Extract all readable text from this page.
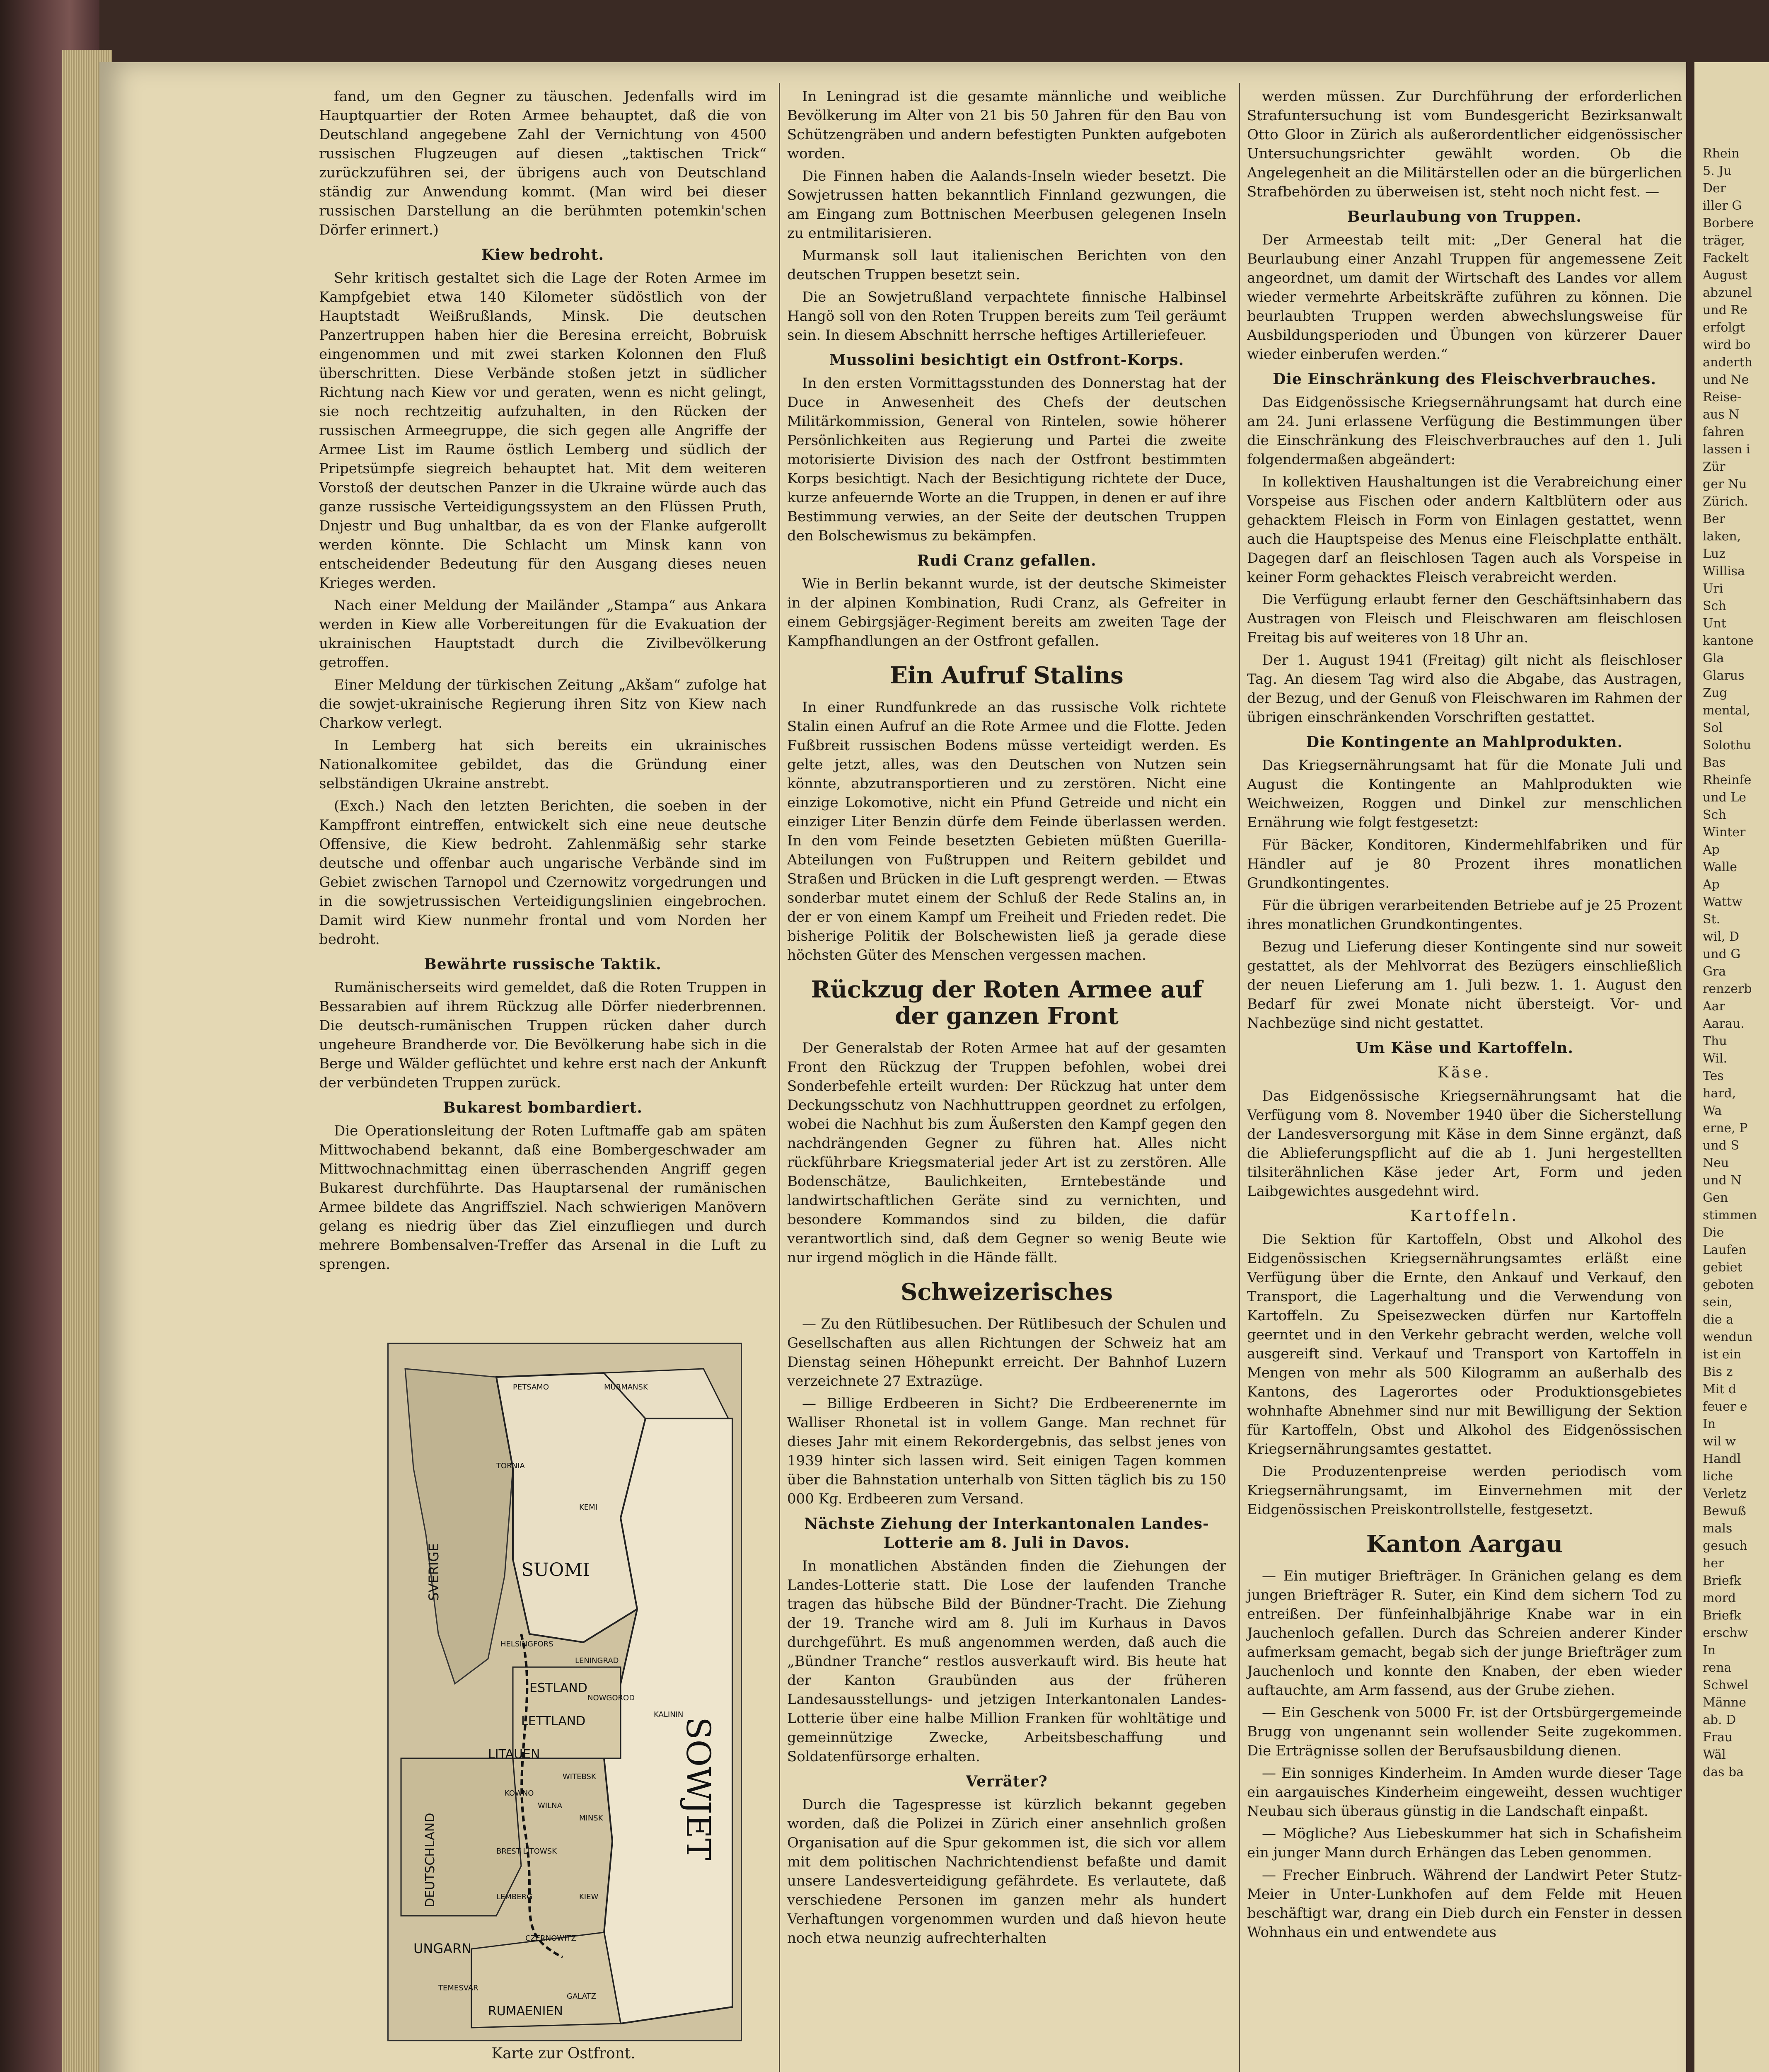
fand, um den Gegner zu täuschen. Jedenfalls wird im Hauptquartier der Roten Armee behauptet, daß die von Deutschland angegebene Zahl der Vernichtung von 4500 russischen Flugzeugen auf diesen „taktischen Trick“ zurückzuführen sei, der übrigens auch von Deutschland ständig zur Anwendung kommt. (Man wird bei dieser russischen Darstellung an die berühmten potemkin'schen Dörfer erinnert.)

Kiew bedroht.

Sehr kritisch gestaltet sich die Lage der Roten Armee im Kampfgebiet etwa 140 Kilometer südöstlich von der Hauptstadt Weißrußlands, Minsk. Die deutschen Panzertruppen haben hier die Beresina erreicht, Bobruisk eingenommen und mit zwei starken Kolonnen den Fluß überschritten. Diese Verbände stoßen jetzt in südlicher Richtung nach Kiew vor und geraten, wenn es nicht gelingt, sie noch rechtzeitig aufzuhalten, in den Rücken der russischen Armeegruppe, die sich gegen alle Angriffe der Armee List im Raume östlich Lemberg und südlich der Pripetsümpfe siegreich behauptet hat. Mit dem weiteren Vorstoß der deutschen Panzer in die Ukraine würde auch das ganze russische Verteidigungssystem an den Flüssen Pruth, Dnjestr und Bug unhaltbar, da es von der Flanke aufgerollt werden könnte. Die Schlacht um Minsk kann von entscheidender Bedeutung für den Ausgang dieses neuen Krieges werden.

Nach einer Meldung der Mailänder „Stampa“ aus Ankara werden in Kiew alle Vorbereitungen für die Evakuation der ukrainischen Hauptstadt durch die Zivilbevölkerung getroffen.

Einer Meldung der türkischen Zeitung „Akšam“ zufolge hat die sowjet-ukrainische Regierung ihren Sitz von Kiew nach Charkow verlegt.

In Lemberg hat sich bereits ein ukrainisches Nationalkomitee gebildet, das die Gründung einer selbständigen Ukraine anstrebt.

(Exch.) Nach den letzten Berichten, die soeben in der Kampffront eintreffen, entwickelt sich eine neue deutsche Offensive, die Kiew bedroht. Zahlenmäßig sehr starke deutsche und offenbar auch ungarische Verbände sind im Gebiet zwischen Tarnopol und Czernowitz vorgedrungen und in die sowjetrussischen Verteidigungslinien eingebrochen. Damit wird Kiew nunmehr frontal und vom Norden her bedroht.

Bewährte russische Taktik.

Rumänischerseits wird gemeldet, daß die Roten Truppen in Bessarabien auf ihrem Rückzug alle Dörfer niederbrennen. Die deutsch-rumänischen Truppen rücken daher durch ungeheure Brandherde vor. Die Bevölkerung habe sich in die Berge und Wälder geflüchtet und kehre erst nach der Ankunft der verbündeten Truppen zurück.

Bukarest bombardiert.

Die Operationsleitung der Roten Luftmaffe gab am späten Mittwochabend bekannt, daß eine Bombergeschwader am Mittwochnachmittag einen überraschenden Angriff gegen Bukarest durchführte. Das Hauptarsenal der rumänischen Armee bildete das Angriffsziel. Nach schwierigen Manövern gelang es niedrig über das Ziel einzufliegen und durch mehrere Bombensalven-Treffer das Arsenal in die Luft zu sprengen.

In Leningrad ist die gesamte männliche und weibliche Bevölkerung im Alter von 21 bis 50 Jahren für den Bau von Schützengräben und andern befestigten Punkten aufgeboten worden.

Die Finnen haben die Aalands-Inseln wieder besetzt. Die Sowjetrussen hatten bekanntlich Finnland gezwungen, die am Eingang zum Bottnischen Meerbusen gelegenen Inseln zu entmilitarisieren.

Murmansk soll laut italienischen Berichten von den deutschen Truppen besetzt sein.

Die an Sowjetrußland verpachtete finnische Halbinsel Hangö soll von den Roten Truppen bereits zum Teil geräumt sein. In diesem Abschnitt herrsche heftiges Artilleriefeuer.

Mussolini besichtigt ein Ostfront-Korps.

In den ersten Vormittagsstunden des Donnerstag hat der Duce in Anwesenheit des Chefs der deutschen Militärkommission, General von Rintelen, sowie höherer Persönlichkeiten aus Regierung und Partei die zweite motorisierte Division des nach der Ostfront bestimmten Korps besichtigt. Nach der Besichtigung richtete der Duce, kurze anfeuernde Worte an die Truppen, in denen er auf ihre Bestimmung verwies, an der Seite der deutschen Truppen den Bolschewismus zu bekämpfen.

Rudi Cranz gefallen.

Wie in Berlin bekannt wurde, ist der deutsche Skimeister in der alpinen Kombination, Rudi Cranz, als Gefreiter in einem Gebirgsjäger-Regiment bereits am zweiten Tage der Kampfhandlungen an der Ostfront gefallen.

Ein Aufruf Stalins

In einer Rundfunkrede an das russische Volk richtete Stalin einen Aufruf an die Rote Armee und die Flotte. Jeden Fußbreit russischen Bodens müsse verteidigt werden. Es gelte jetzt, alles, was den Deutschen von Nutzen sein könnte, abzutransportieren und zu zerstören. Nicht eine einzige Lokomotive, nicht ein Pfund Getreide und nicht ein einziger Liter Benzin dürfe dem Feinde überlassen werden. In den vom Feinde besetzten Gebieten müßten Guerilla-Abteilungen von Fußtruppen und Reitern gebildet und Straßen und Brücken in die Luft gesprengt werden. — Etwas sonderbar mutet einem der Schluß der Rede Stalins an, in der er von einem Kampf um Freiheit und Frieden redet. Die bisherige Politik der Bolschewisten ließ ja gerade diese höchsten Güter des Menschen vergessen machen.

Rückzug der Roten Armee auf der ganzen Front

Der Generalstab der Roten Armee hat auf der gesamten Front den Rückzug der Truppen befohlen, wobei drei Sonderbefehle erteilt wurden: Der Rückzug hat unter dem Deckungsschutz von Nachhuttruppen geordnet zu erfolgen, wobei die Nachhut bis zum Äußersten den Kampf gegen den nachdrängenden Gegner zu führen hat. Alles nicht rückführbare Kriegsmaterial jeder Art ist zu zerstören. Alle Bodenschätze, Baulichkeiten, Erntebestände und landwirtschaftlichen Geräte sind zu vernichten, und besondere Kommandos sind zu bilden, die dafür verantwortlich sind, daß dem Gegner so wenig Beute wie nur irgend möglich in die Hände fällt.

Schweizerisches

— Zu den Rütlibesuchen. Der Rütlibesuch der Schulen und Gesellschaften aus allen Richtungen der Schweiz hat am Dienstag seinen Höhepunkt erreicht. Der Bahnhof Luzern verzeichnete 27 Extrazüge.

— Billige Erdbeeren in Sicht? Die Erdbeerenernte im Walliser Rhonetal ist in vollem Gange. Man rechnet für dieses Jahr mit einem Rekordergebnis, das selbst jenes von 1939 hinter sich lassen wird. Seit einigen Tagen kommen über die Bahnstation unterhalb von Sitten täglich bis zu 150 000 Kg. Erdbeeren zum Versand.

Nächste Ziehung der Interkantonalen Landes-Lotterie am 8. Juli in Davos.

In monatlichen Abständen finden die Ziehungen der Landes-Lotterie statt. Die Lose der laufenden Tranche tragen das hübsche Bild der Bündner-Tracht. Die Ziehung der 19. Tranche wird am 8. Juli im Kurhaus in Davos durchgeführt. Es muß angenommen werden, daß auch die „Bündner Tranche“ restlos ausverkauft wird. Bis heute hat der Kanton Graubünden aus der früheren Landesausstellungs- und jetzigen Interkantonalen Landes-Lotterie über eine halbe Million Franken für wohltätige und gemeinnützige Zwecke, Arbeitsbeschaffung und Soldatenfürsorge erhalten.

Verräter?

Durch die Tagespresse ist kürzlich bekannt gegeben worden, daß die Polizei in Zürich einer ansehnlich großen Organisation auf die Spur gekommen ist, die sich vor allem mit dem politischen Nachrichtendienst befaßte und damit unsere Landesverteidigung gefährdete. Es verlautete, daß verschiedene Personen im ganzen mehr als hundert Verhaftungen vorgenommen wurden und daß hievon heute noch etwa neunzig aufrechterhalten

werden müssen. Zur Durchführung der erforderlichen Strafuntersuchung ist vom Bundesgericht Bezirksanwalt Otto Gloor in Zürich als außerordentlicher eidgenössischer Untersuchungsrichter gewählt worden. Ob die Angelegenheit an die Militärstellen oder an die bürgerlichen Strafbehörden zu überweisen ist, steht noch nicht fest. —

Beurlaubung von Truppen.

Der Armeestab teilt mit: „Der General hat die Beurlaubung einer Anzahl Truppen für angemessene Zeit angeordnet, um damit der Wirtschaft des Landes vor allem wieder vermehrte Arbeitskräfte zuführen zu können. Die beurlaubten Truppen werden abwechslungsweise für Ausbildungsperioden und Übungen von kürzerer Dauer wieder einberufen werden.“

Die Einschränkung des Fleischverbrauches.

Das Eidgenössische Kriegsernährungsamt hat durch eine am 24. Juni erlassene Verfügung die Bestimmungen über die Einschränkung des Fleischverbrauches auf den 1. Juli folgendermaßen abgeändert:

In kollektiven Haushaltungen ist die Verabreichung einer Vorspeise aus Fischen oder andern Kaltblütern oder aus gehacktem Fleisch in Form von Einlagen gestattet, wenn auch die Hauptspeise des Menus eine Fleischplatte enthält. Dagegen darf an fleischlosen Tagen auch als Vorspeise in keiner Form gehacktes Fleisch verabreicht werden.

Die Verfügung erlaubt ferner den Geschäftsinhabern das Austragen von Fleisch und Fleischwaren am fleischlosen Freitag bis auf weiteres von 18 Uhr an.

Der 1. August 1941 (Freitag) gilt nicht als fleischloser Tag. An diesem Tag wird also die Abgabe, das Austragen, der Bezug, und der Genuß von Fleischwaren im Rahmen der übrigen einschränkenden Vorschriften gestattet.

Die Kontingente an Mahlprodukten.

Das Kriegsernährungsamt hat für die Monate Juli und August die Kontingente an Mahlprodukten wie Weichweizen, Roggen und Dinkel zur menschlichen Ernährung wie folgt festgesetzt:

Für Bäcker, Konditoren, Kindermehlfabriken und für Händler auf je 80 Prozent ihres monatlichen Grundkontingentes.

Für die übrigen verarbeitenden Betriebe auf je 25 Prozent ihres monatlichen Grundkontingentes.

Bezug und Lieferung dieser Kontingente sind nur soweit gestattet, als der Mehlvorrat des Bezügers einschließlich der neuen Lieferung am 1. Juli bezw. 1. 1. August den Bedarf für zwei Monate nicht übersteigt. Vor- und Nachbezüge sind nicht gestattet.

Um Käse und Kartoffeln.
Käse.

Das Eidgenössische Kriegsernährungsamt hat die Verfügung vom 8. November 1940 über die Sicherstellung der Landesversorgung mit Käse in dem Sinne ergänzt, daß die Ablieferungspflicht auf die ab 1. Juni hergestellten tilsiterähnlichen Käse jeder Art, Form und jeden Laibgewichtes ausgedehnt wird.

Kartoffeln.

Die Sektion für Kartoffeln, Obst und Alkohol des Eidgenössischen Kriegsernährungsamtes erläßt eine Verfügung über die Ernte, den Ankauf und Verkauf, den Transport, die Lagerhaltung und die Verwendung von Kartoffeln. Zu Speisezwecken dürfen nur Kartoffeln geerntet und in den Verkehr gebracht werden, welche voll ausgereift sind. Verkauf und Transport von Kartoffeln in Mengen von mehr als 500 Kilogramm an außerhalb des Kantons, des Lagerortes oder Produktionsgebietes wohnhafte Abnehmer sind nur mit Bewilligung der Sektion für Kartoffeln, Obst und Alkohol des Eidgenössischen Kriegsernährungsamtes gestattet.

Die Produzentenpreise werden periodisch vom Kriegsernährungsamt, im Einvernehmen mit der Eidgenössischen Preiskontrollstelle, festgesetzt.

Kanton Aargau

— Ein mutiger Briefträger. In Gränichen gelang es dem jungen Briefträger R. Suter, ein Kind dem sichern Tod zu entreißen. Der fünfeinhalbjährige Knabe war in ein Jauchenloch gefallen. Durch das Schreien anderer Kinder aufmerksam gemacht, begab sich der junge Briefträger zum Jauchenloch und konnte den Knaben, der eben wieder auftauchte, am Arm fassend, aus der Grube ziehen.

— Ein Geschenk von 5000 Fr. ist der Ortsbürgergemeinde Brugg von ungenannt sein wollender Seite zugekommen. Die Erträgnisse sollen der Berufsausbildung dienen.

— Ein sonniges Kinderheim. In Amden wurde dieser Tage ein aargauisches Kinderheim eingeweiht, dessen wuchtiger Neubau sich überaus günstig in die Landschaft einpaßt.

— Mögliche? Aus Liebeskummer hat sich in Schafisheim ein junger Mann durch Erhängen das Leben genommen.

— Frecher Einbruch. Während der Landwirt Peter Stutz-Meier in Unter-Lunkhofen auf dem Felde mit Heuen beschäftigt war, drang ein Dieb durch ein Fenster in dessen Wohnhaus ein und entwendete aus

SVERIGE	SUOMI
SOWJET
DEUTSCHLAND
UNGARN
RUMAENIEN
ESTLAND
LETTLAND
LITAUEN
LENINGRAD
HELSINGFORS
TORNIA
PETSAMO	MURMANSK
KEMI
KOWNO
WILNA
MINSK
BREST LITOWSK
KIEW
LEMBERG
CZERNOWITZ
WITEBSK
NOWGOROD
KALININ
GALATZ
TEMESVAR
Karte zur Ostfront.
Rhein
5. Ju
Der
iller G
Borbere
träger,
Fackelt
August
abzunel
und Re
erfolgt
wird bo
anderth
und Ne
Reise-
aus N
fahren
lassen i
Zür
ger Nu
Zürich.
Ber
laken,
Luz
Willisa
Uri
Sch
Unt
kantone
Gla
Glarus
Zug
mental,
Sol
Solothu
Bas
Rheinfe
und Le
Sch
Winter
Ap
Walle
Ap
Wattw
St.
wil, D
und G
Gra
renzerb
Aar
Aarau.
Thu
Wil.
Tes
hard,
Wa
erne, P
und S
Neu
und N
Gen
stimmen
Die
Laufen
gebiet
geboten
sein,
die a
wendun
ist ein
Bis z
Mit d
feuer e
In
wil w
Handl
liche
Verletz
Bewuß
mals
gesuch
her
Briefk
mord
Briefk
erschw
In
rena
Schwel
Männe
ab. D
Frau
Wäl
das ba
